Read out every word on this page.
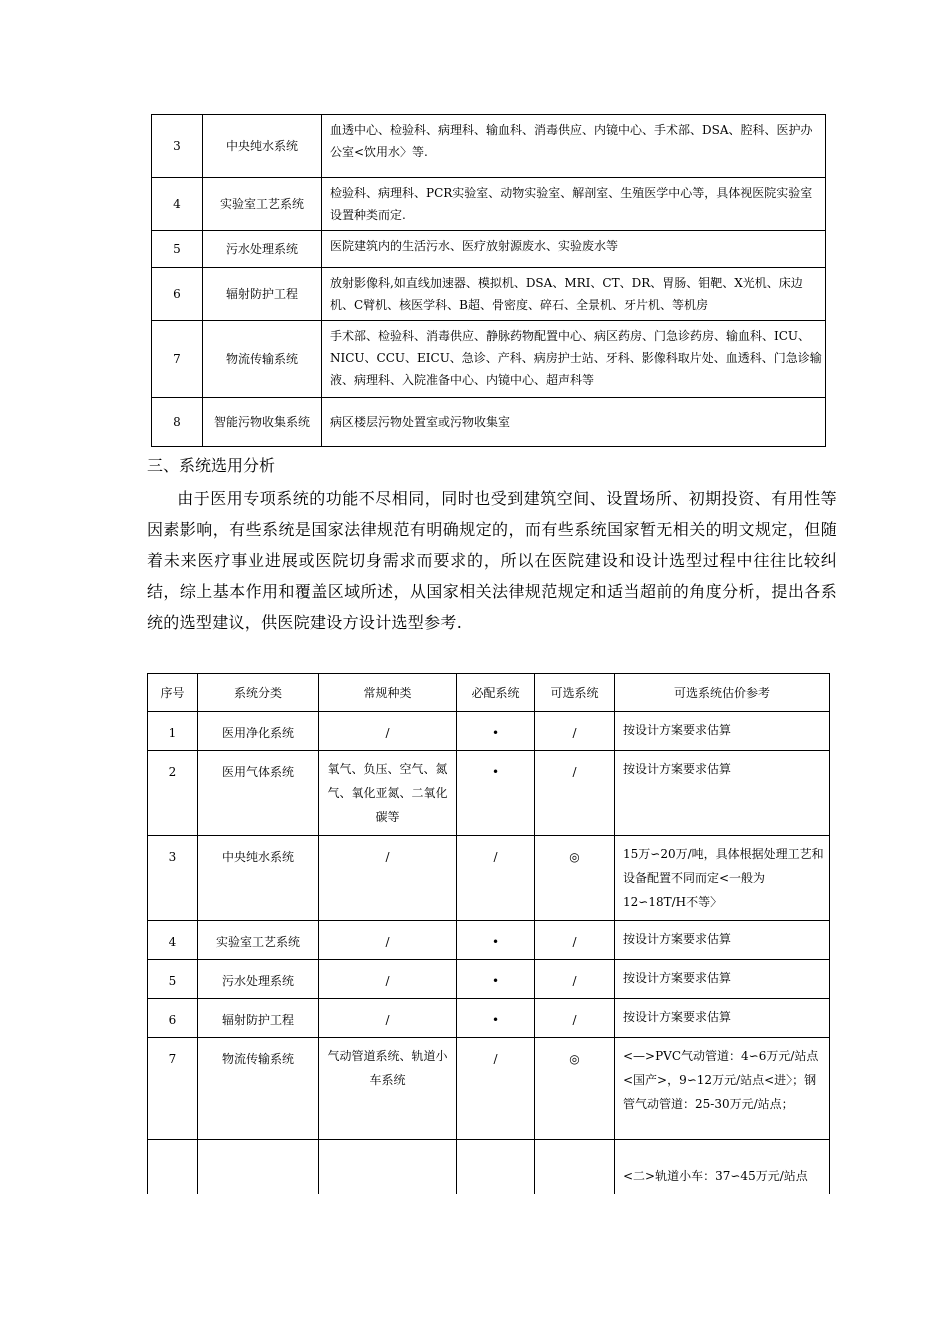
3	中央纯水系统	血透中心、检验科、病理科、输血科、消毒供应、内镜中心、手术部、DSA、腔科、医护办公室<饮用水〉等.
4	实验室工艺系统	检验科、病理科、PCR实验室、动物实验室、解剖室、生殖医学中心等，具体视医院实验室设置种类而定.
5	污水处理系统	医院建筑内的生活污水、医疗放射源废水、实验废水等
6	辐射防护工程	放射影像科,如直线加速器、模拟机、DSA、MRI、CT、DR、胃肠、钼靶、X光机、床边机、C臂机、核医学科、B超、骨密度、碎石、全景机、牙片机、等机房
7	物流传输系统	手术部、检验科、消毒供应、静脉药物配置中心、病区药房、门急诊药房、输血科、ICU、NICU、CCU、EICU、急诊、产科、病房护士站、牙科、影像科取片处、血透科、门急诊输液、病理科、入院准备中心、内镜中心、超声科等
8	智能污物收集系统	病区楼层污物处置室或污物收集室
三、系统选用分析
由于医用专项系统的功能不尽相同，同时也受到建筑空间、设置场所、初期投资、有用性等因素影响，有些系统是国家法律规范有明确规定的，而有些系统国家暂无相关的明文规定，但随着未来医疗事业进展或医院切身需求而要求的，所以在医院建设和设计选型过程中往往比较纠结，综上基本作用和覆盖区域所述，从国家相关法律规范规定和适当超前的角度分析，提出各系统的选型建议，供医院建设方设计选型参考.
序号	系统分类	常规种类	必配系统	可选系统	可选系统估价参考
1	医用净化系统	/	•	/	按设计方案要求估算
2	医用气体系统	氧气、负压、空气、氮气、氧化亚氮、二氧化碳等	•	/	按设计方案要求估算
3	中央纯水系统	/	/	◎	15万∽20万/吨，具体根据处理工艺和设备配置不同而定<一般为12∽18T/H不等〉
4	实验室工艺系统	/	•	/	按设计方案要求估算
5	污水处理系统	/	•	/	按设计方案要求估算
6	辐射防护工程	/	•	/	按设计方案要求估算
7	物流传输系统	气动管道系统、轨道小车系统	/	◎	<—>PVC气动管道：4∽6万元/站点<国产>，9∽12万元/站点<进〉；钢管气动管道：25-30万元/站点；
					<二>轨道小车：37∽45万元/站点
